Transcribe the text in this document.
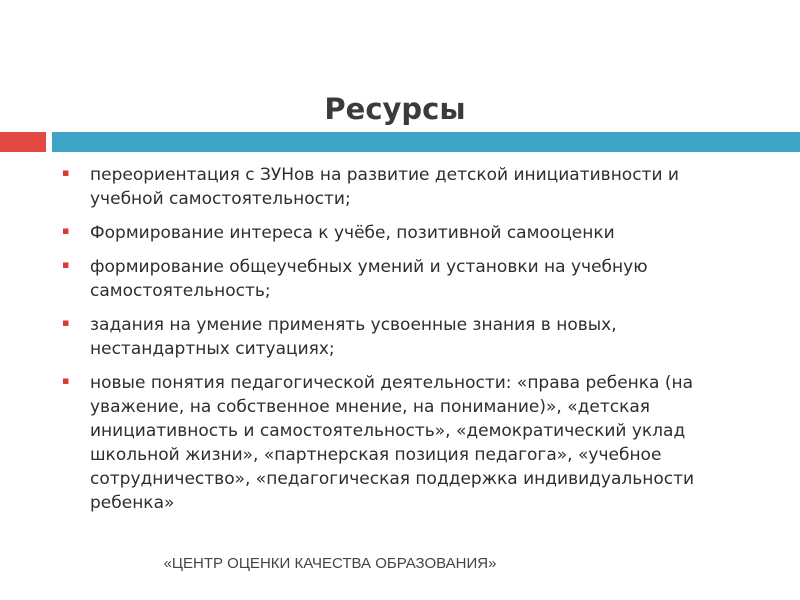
Ресурсы
▪	переориентация с ЗУНов на развитие детской инициативности и учебной самостоятельности;
▪	Формирование интереса к учёбе, позитивной самооценки
▪	формирование общеучебных умений и установки на учебную самостоятельность;
▪	задания на умение применять усвоенные знания в новых, нестандартных ситуациях;
▪	новые понятия педагогической деятельности: «права ребенка (на уважение, на собственное мнение, на понимание)», «детская инициативность и самостоятельность», «демократический уклад школьной жизни», «партнерская позиция педагога», «учебное сотрудничество», «педагогическая поддержка индивидуальности ребенка»

«ЦЕНТР ОЦЕНКИ КАЧЕСТВА ОБРАЗОВАНИЯ»
